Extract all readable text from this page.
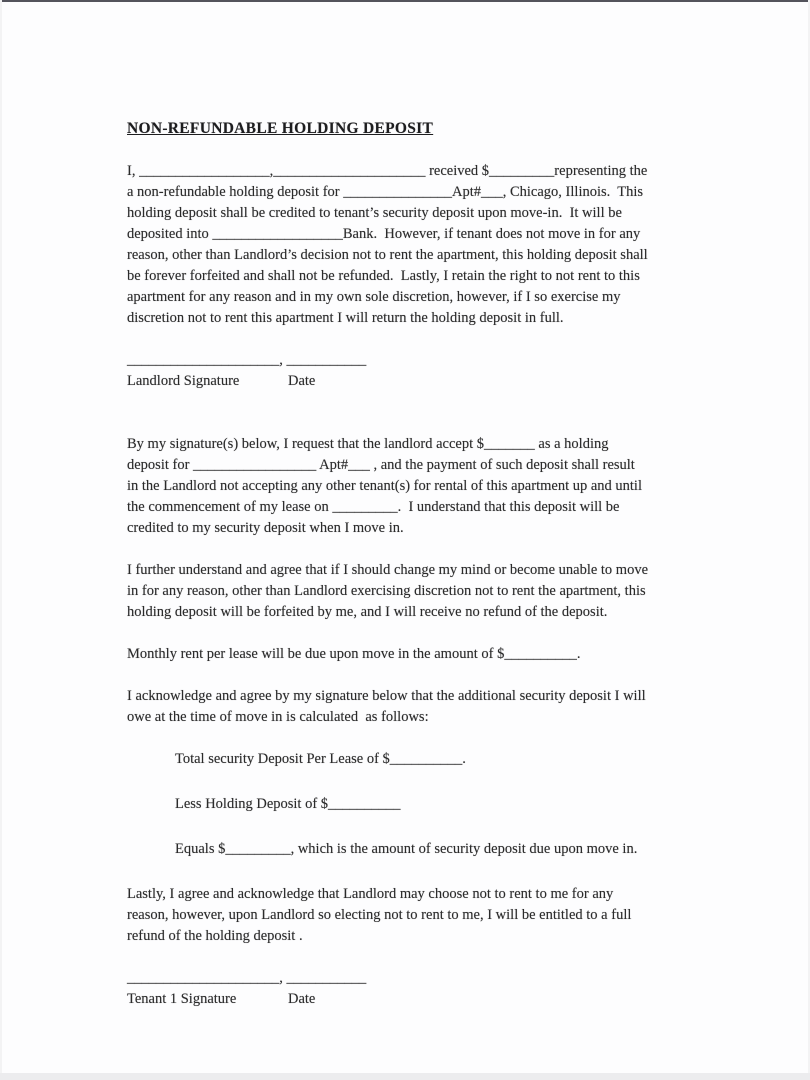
NON-REFUNDABLE HOLDING DEPOSIT
I, __________________,_____________________ received $_________representing the
a non-refundable holding deposit for _______________Apt#___, Chicago, Illinois.  This
holding deposit shall be credited to tenant’s security deposit upon move-in.  It will be
deposited into __________________Bank.  However, if tenant does not move in for any
reason, other than Landlord’s decision not to rent the apartment, this holding deposit shall
be forever forfeited and shall not be refunded.  Lastly, I retain the right to not rent to this
apartment for any reason and in my own sole discretion, however, if I so exercise my
discretion not to rent this apartment I will return the holding deposit in full.
_____________________, ___________
Landlord Signature	Date
By my signature(s) below, I request that the landlord accept $_______ as a holding
deposit for _________________ Apt#___ , and the payment of such deposit shall result
in the Landlord not accepting any other tenant(s) for rental of this apartment up and until
the commencement of my lease on _________.  I understand that this deposit will be
credited to my security deposit when I move in.
I further understand and agree that if I should change my mind or become unable to move
in for any reason, other than Landlord exercising discretion not to rent the apartment, this
holding deposit will be forfeited by me, and I will receive no refund of the deposit.
Monthly rent per lease will be due upon move in the amount of $__________.
I acknowledge and agree by my signature below that the additional security deposit I will
owe at the time of move in is calculated  as follows:
Total security Deposit Per Lease of $__________.
Less Holding Deposit of $__________
Equals $_________, which is the amount of security deposit due upon move in.
Lastly, I agree and acknowledge that Landlord may choose not to rent to me for any
reason, however, upon Landlord so electing not to rent to me, I will be entitled to a full
refund of the holding deposit .
_____________________, ___________
Tenant 1 Signature	Date
